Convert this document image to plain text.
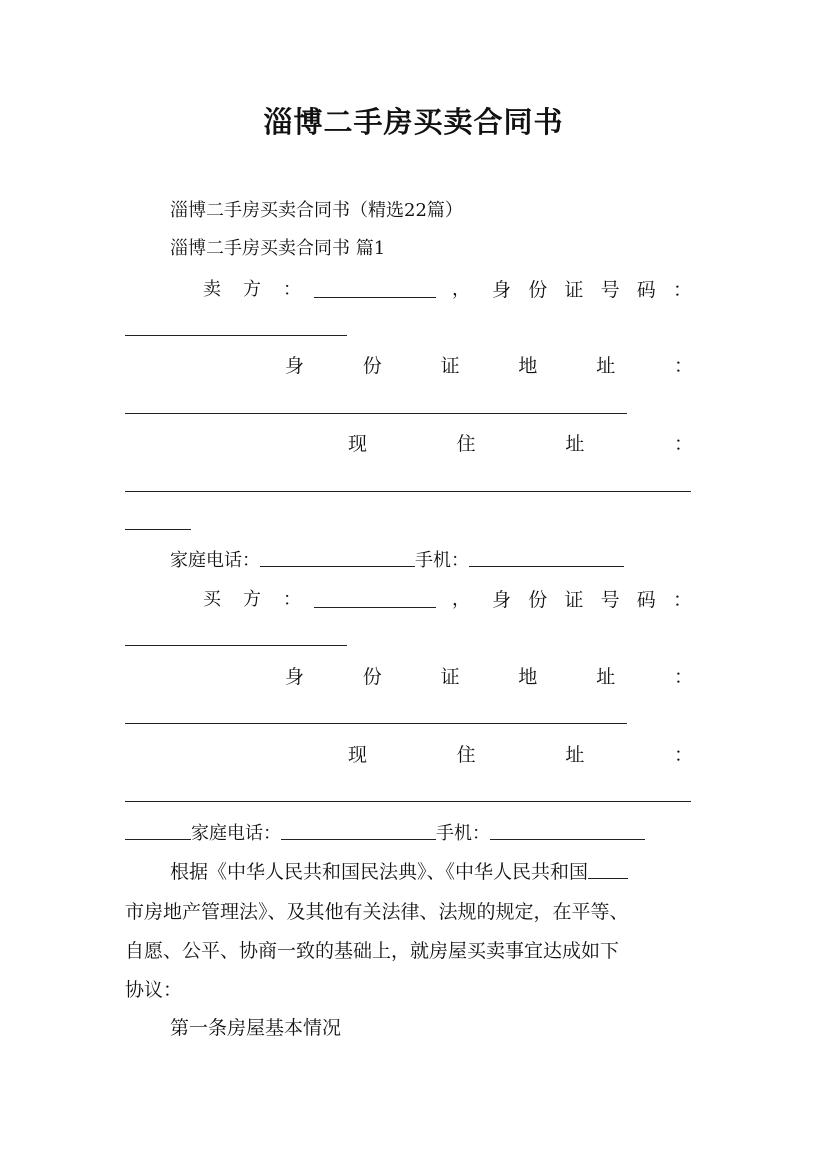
淄博二手房买卖合同书
淄博二手房买卖合同书（精选22篇）
淄博二手房买卖合同书 篇1
卖 方 ：	， 身 份 证 号 码 ：
身	份	证	地	址	：
现	住	址	：
家庭电话：	手机：
买 方 ：	， 身 份 证 号 码 ：
身	份	证	地	址	：
现	住	址	：
家庭电话：	手机：
根据《中华人民共和国民法典》、《中华人民共和国
市房地产管理法》、及其他有关法律、法规的规定，在平等、
自愿、公平、协商一致的基础上，就房屋买卖事宜达成如下
协议：
第一条房屋基本情况
